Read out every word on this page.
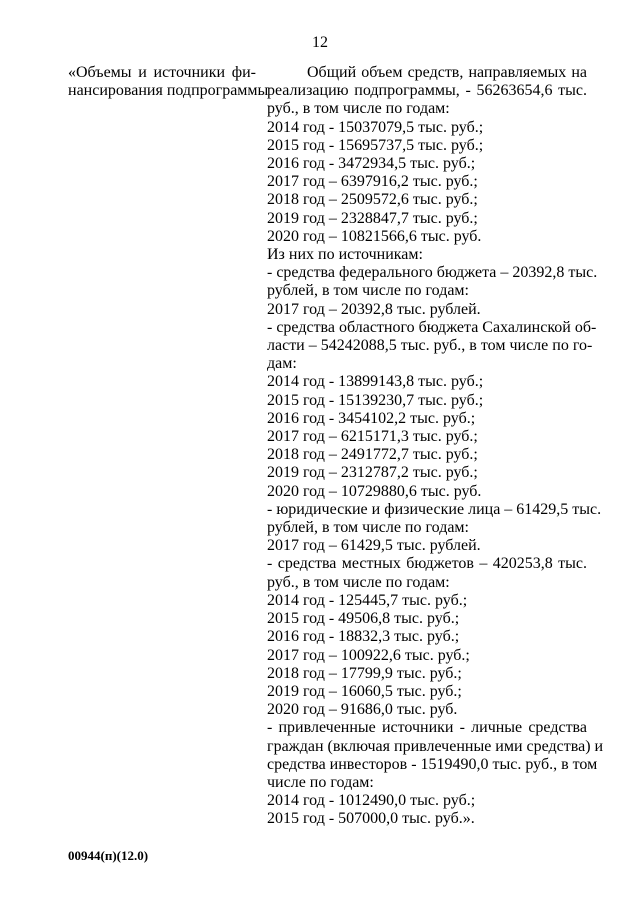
12
«Объемы и источники фи-
нансирования подпрограммы
Общий объем средств, направляемых на
реализацию подпрограммы, - 56263654,6 тыс.
руб., в том числе по годам:
2014 год - 15037079,5 тыс. руб.;
2015 год - 15695737,5 тыс. руб.;
2016 год - 3472934,5 тыс. руб.;
2017 год – 6397916,2 тыс. руб.;
2018 год – 2509572,6 тыс. руб.;
2019 год – 2328847,7 тыс. руб.;
2020 год – 10821566,6 тыс. руб.
Из них по источникам:
- средства федерального бюджета – 20392,8 тыс.
рублей, в том числе по годам:
2017 год – 20392,8 тыс. рублей.
- средства областного бюджета Сахалинской об-
ласти – 54242088,5 тыс. руб., в том числе по го-
дам:
2014 год - 13899143,8 тыс. руб.;
2015 год - 15139230,7 тыс. руб.;
2016 год - 3454102,2 тыс. руб.;
2017 год – 6215171,3 тыс. руб.;
2018 год – 2491772,7 тыс. руб.;
2019 год – 2312787,2 тыс. руб.;
2020 год – 10729880,6 тыс. руб.
- юридические и физические лица – 61429,5 тыс.
рублей, в том числе по годам:
2017 год – 61429,5 тыс. рублей.
- средства местных бюджетов – 420253,8 тыс.
руб., в том числе по годам:
2014 год - 125445,7 тыс. руб.;
2015 год - 49506,8 тыс. руб.;
2016 год - 18832,3 тыс. руб.;
2017 год – 100922,6 тыс. руб.;
2018 год – 17799,9 тыс. руб.;
2019 год – 16060,5 тыс. руб.;
2020 год – 91686,0 тыс. руб.
- привлеченные источники - личные средства
граждан (включая привлеченные ими средства) и
средства инвесторов - 1519490,0 тыс. руб., в том
числе по годам:
2014 год - 1012490,0 тыс. руб.;
2015 год - 507000,0 тыс. руб.».
00944(п)(12.0)
